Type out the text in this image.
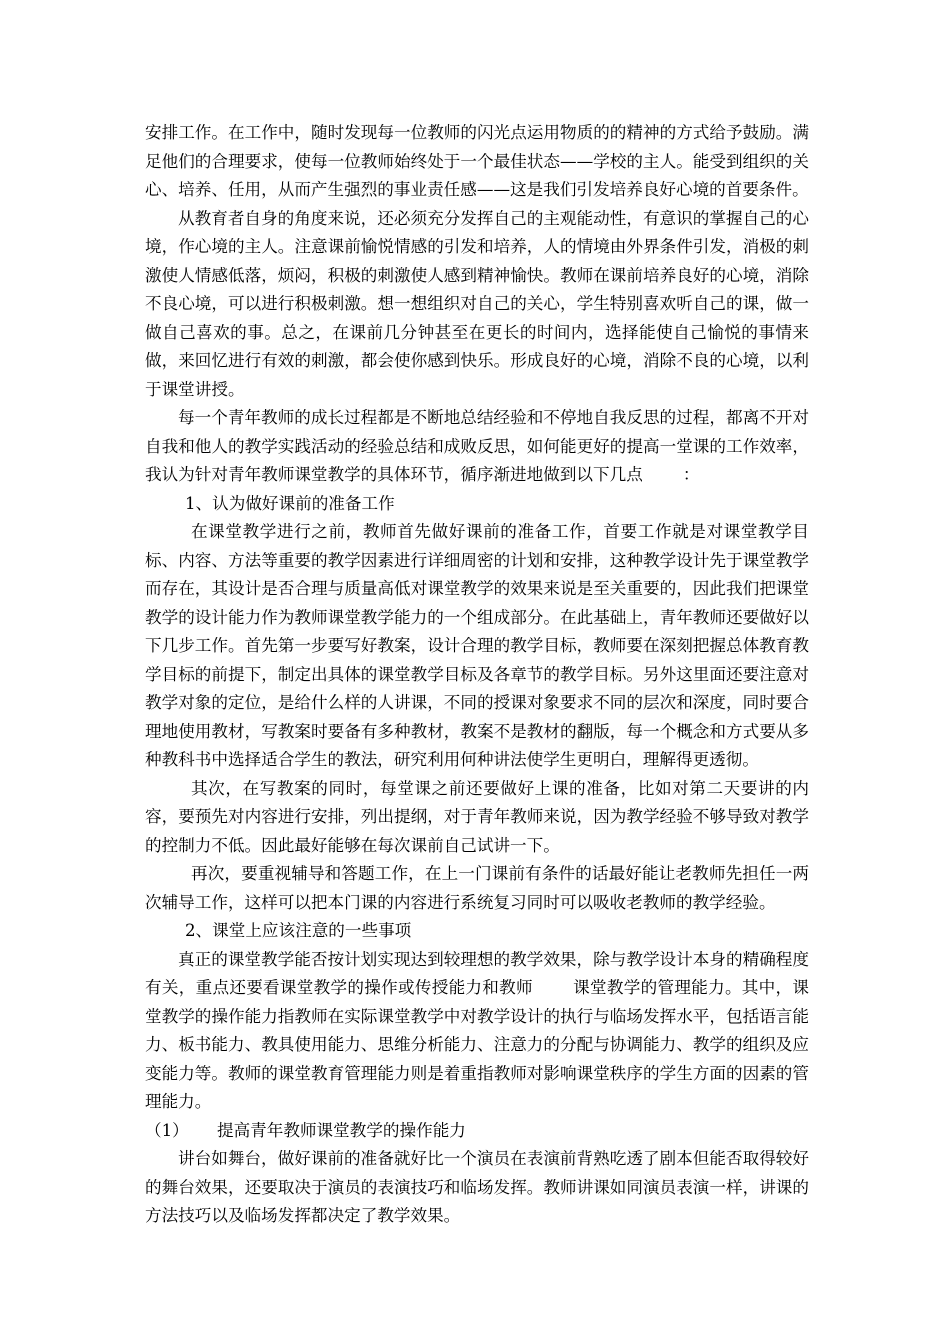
安排工作。在工作中，随时发现每一位教师的闪光点运用物质的的精神的方式给予鼓励。满足他们的合理要求，使每一位教师始终处于一个最佳状态——学校的主人。能受到组织的关心、培养、任用，从而产生强烈的事业责任感——这是我们引发培养良好心境的首要条件。

从教育者自身的角度来说，还必须充分发挥自己的主观能动性，有意识的掌握自己的心境，作心境的主人。注意课前愉悦情感的引发和培养，人的情境由外界条件引发，消极的刺激使人情感低落，烦闷，积极的刺激使人感到精神愉快。教师在课前培养良好的心境，消除不良心境，可以进行积极刺激。想一想组织对自己的关心，学生特别喜欢听自己的课，做一做自己喜欢的事。总之，在课前几分钟甚至在更长的时间内，选择能使自己愉悦的事情来做，来回忆进行有效的刺激，都会使你感到快乐。形成良好的心境，消除不良的心境，以利于课堂讲授。

每一个青年教师的成长过程都是不断地总结经验和不停地自我反思的过程，都离不开对自我和他人的教学实践活动的经验总结和成败反思，如何能更好的提高一堂课的工作效率，我认为针对青年教师课堂教学的具体环节，循序渐进地做到以下几点 ：

1、认为做好课前的准备工作

在课堂教学进行之前，教师首先做好课前的准备工作，首要工作就是对课堂教学目标、内容、方法等重要的教学因素进行详细周密的计划和安排，这种教学设计先于课堂教学而存在，其设计是否合理与质量高低对课堂教学的效果来说是至关重要的，因此我们把课堂教学的设计能力作为教师课堂教学能力的一个组成部分。在此基础上，青年教师还要做好以下几步工作。首先第一步要写好教案，设计合理的教学目标，教师要在深刻把握总体教育教学目标的前提下，制定出具体的课堂教学目标及各章节的教学目标。另外这里面还要注意对教学对象的定位，是给什么样的人讲课，不同的授课对象要求不同的层次和深度，同时要合理地使用教材，写教案时要备有多种教材，教案不是教材的翻版，每一个概念和方式要从多种教科书中选择适合学生的教法，研究利用何种讲法使学生更明白，理解得更透彻。

其次，在写教案的同时，每堂课之前还要做好上课的准备，比如对第二天要讲的内容，要预先对内容进行安排，列出提纲，对于青年教师来说，因为教学经验不够导致对教学的控制力不低。因此最好能够在每次课前自己试讲一下。

再次，要重视辅导和答题工作，在上一门课前有条件的话最好能让老教师先担任一两次辅导工作，这样可以把本门课的内容进行系统复习同时可以吸收老教师的教学经验。

2、课堂上应该注意的一些事项

真正的课堂教学能否按计划实现达到较理想的教学效果，除与教学设计本身的精确程度有关，重点还要看课堂教学的操作或传授能力和教师 课堂教学的管理能力。其中，课堂教学的操作能力指教师在实际课堂教学中对教学设计的执行与临场发挥水平，包括语言能力、板书能力、教具使用能力、思维分析能力、注意力的分配与协调能力、教学的组织及应变能力等。教师的课堂教育管理能力则是着重指教师对影响课堂秩序的学生方面的因素的管理能力。

（1） 提高青年教师课堂教学的操作能力

讲台如舞台，做好课前的准备就好比一个演员在表演前背熟吃透了剧本但能否取得较好的舞台效果，还要取决于演员的表演技巧和临场发挥。教师讲课如同演员表演一样，讲课的方法技巧以及临场发挥都决定了教学效果。
